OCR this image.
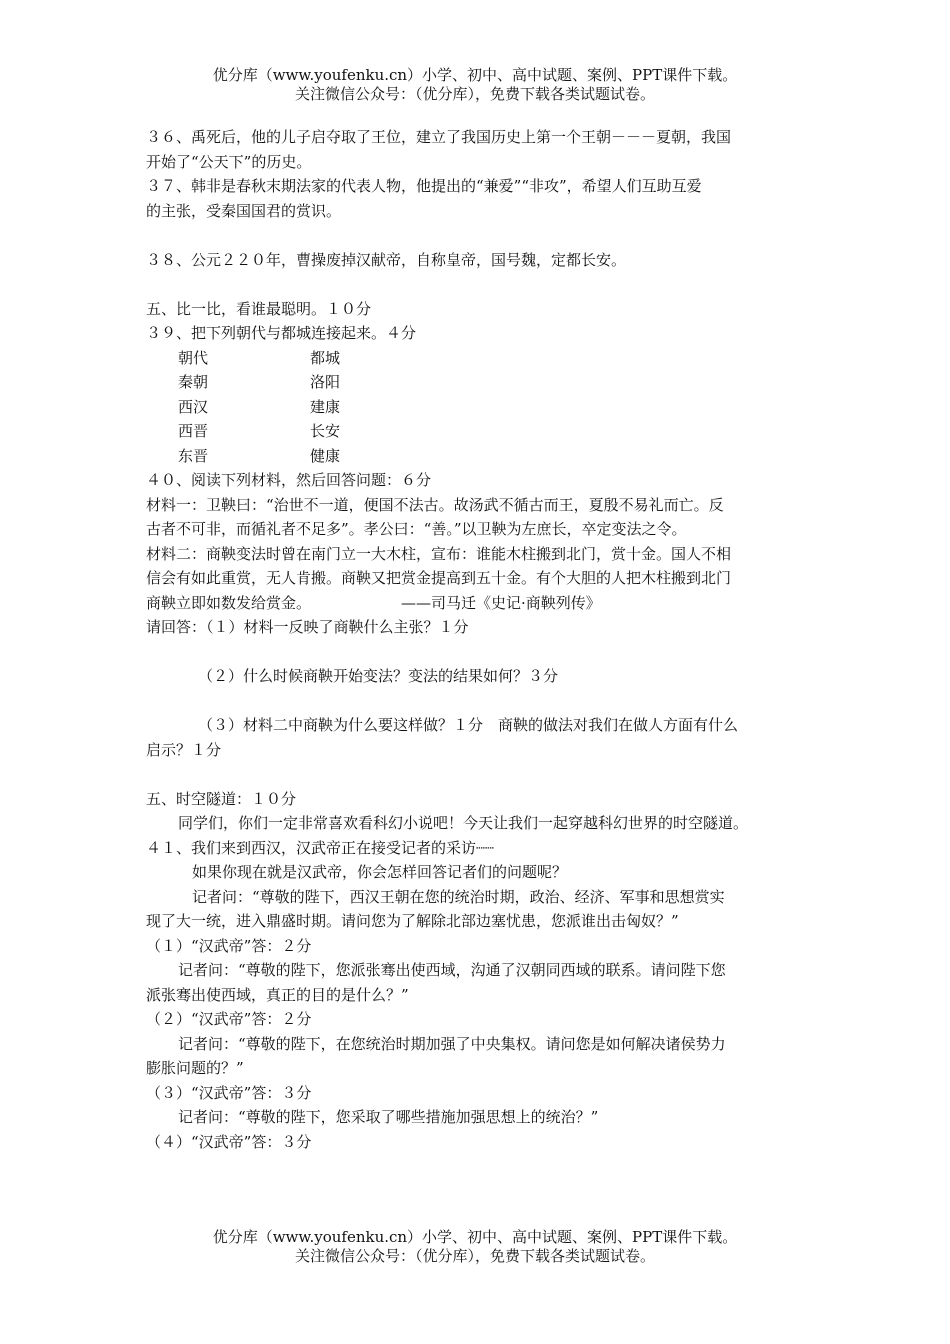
优分库（www.youfenku.cn）小学、初中、高中试题、案例、PPT课件下载。
关注微信公众号：（优分库），免费下载各类试题试卷。
３６、禹死后，他的儿子启夺取了王位，建立了我国历史上第一个王朝－－－夏朝，我国
开始了“公天下”的历史。
３７、韩非是春秋末期法家的代表人物，他提出的“兼爱”“非攻”，希望人们互助互爱
的主张，受秦国国君的赏识。
３８、公元２２０年，曹操废掉汉献帝，自称皇帝，国号魏，定都长安。
五、比一比，看谁最聪明。１０分
３９、把下列朝代与都城连接起来。４分
朝代	都城
秦朝	洛阳
西汉	建康
西晋	长安
东晋	健康
４０、阅读下列材料，然后回答问题：６分
材料一：卫鞅曰：“治世不一道，便国不法古。故汤武不循古而王，夏殷不易礼而亡。反
古者不可非，而循礼者不足多”。孝公曰：“善。”以卫鞅为左庶长，卒定变法之令。
材料二：商鞅变法时曾在南门立一大木柱，宣布：谁能木柱搬到北门，赏十金。国人不相
信会有如此重赏，无人肯搬。商鞅又把赏金提高到五十金。有个大胆的人把木柱搬到北门
商鞅立即如数发给赏金。	——司马迁《史记·商鞅列传》
请回答：（１）材料一反映了商鞅什么主张？１分
（２）什么时候商鞅开始变法？变法的结果如何？３分
（３）材料二中商鞅为什么要这样做？１分　商鞅的做法对我们在做人方面有什么
启示？１分
五、时空隧道：１０分
同学们，你们一定非常喜欢看科幻小说吧！今天让我们一起穿越科幻世界的时空隧道。
４１、我们来到西汉，汉武帝正在接受记者的采访┈┈
如果你现在就是汉武帝，你会怎样回答记者们的问题呢？
记者问：“尊敬的陛下，西汉王朝在您的统治时期，政治、经济、军事和思想赏实
现了大一统，进入鼎盛时期。请问您为了解除北部边塞忧患，您派谁出击匈奴？”
（１）“汉武帝”答：２分
记者问：“尊敬的陛下，您派张骞出使西域，沟通了汉朝同西域的联系。请问陛下您
派张骞出使西域，真正的目的是什么？”
（２）“汉武帝”答：２分
记者问：“尊敬的陛下，在您统治时期加强了中央集权。请问您是如何解决诸侯势力
膨胀问题的？”
（３）“汉武帝”答：３分
记者问：“尊敬的陛下，您采取了哪些措施加强思想上的统治？”
（４）“汉武帝”答：３分
优分库（www.youfenku.cn）小学、初中、高中试题、案例、PPT课件下载。
关注微信公众号：（优分库），免费下载各类试题试卷。
